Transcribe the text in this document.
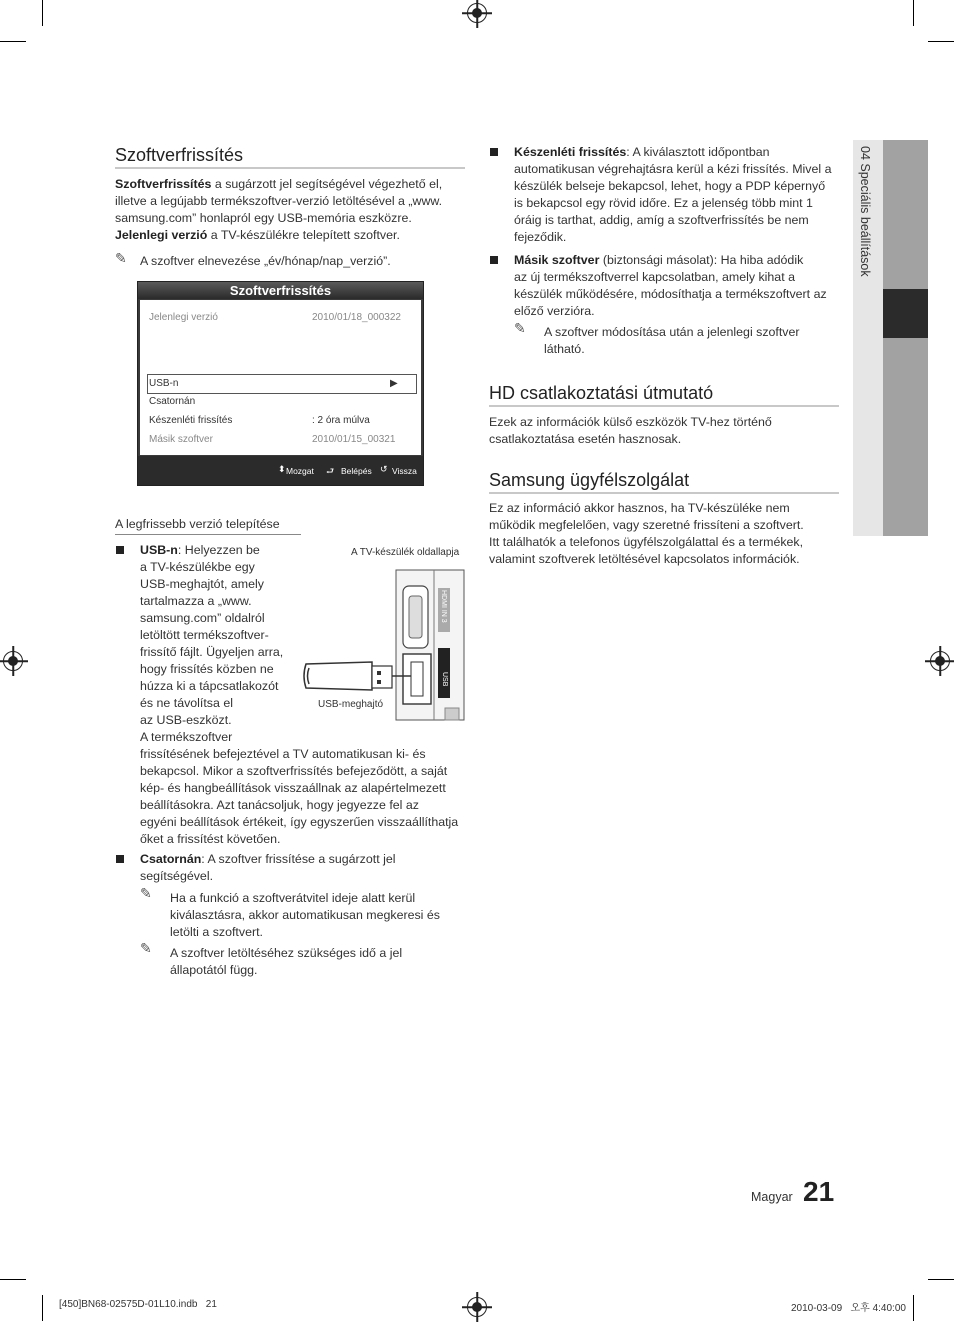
04 Speciális beállítások
Szoftverfrissítés

Szoftverfrissítés a sugárzott jel segítségével végezhető el,
illetve a legújabb termékszoftver-verzió letöltésével a „www.
samsung.com” honlapról egy USB-memória eszközre.
Jelenlegi verzió a TV-készülékre telepített szoftver.

✎ A szoftver elnevezése „év/hónap/nap_verzió”.

Szoftverfrissítés
Jelenlegi verzió	2010/01/18_000322
USB-n	▶
Csatornán
Készenléti frissítés	: 2 óra múlva
Másik szoftver	2010/01/15_00321
⬍ Mozgat ⮐ Belépés ↺ Vissza

A legfrissebb verzió telepítése

USB-n: Helyezzen be
a TV-készülékbe egy
USB-meghajtót, amely
tartalmazza a „www.
samsung.com” oldalról
letöltött termékszoftver-
frissítő fájlt. Ügyeljen arra,
hogy frissítés közben ne
húzza ki a tápcsatlakozót
és ne távolítsa el
az USB-eszközt.
A termékszoftver
frissítésének befejeztével a TV automatikusan ki- és
bekapcsol. Mikor a szoftverfrissítés befejeződött, a saját
kép- és hangbeállítások visszaállnak az alapértelmezett
beállításokra. Azt tanácsoljuk, hogy jegyezze fel az
egyéni beállítások értékeit, így egyszerűen visszaállíthatja
őket a frissítést követően.

A TV-készülék oldallapja
HDMI IN 3
USB
USB-meghajtó

Csatornán: A szoftver frissítése a sugárzott jel
segítségével.

✎ Ha a funkció a szoftverátvitel ideje alatt kerül
kiválasztásra, akkor automatikusan megkeresi és
letölti a szoftvert.

✎ A szoftver letöltéséhez szükséges idő a jel
állapotától függ.

Készenléti frissítés: A kiválasztott időpontban
automatikusan végrehajtásra kerül a kézi frissítés. Mivel a
készülék belseje bekapcsol, lehet, hogy a PDP képernyő
is bekapcsol egy rövid időre. Ez a jelenség több mint 1
óráig is tarthat, addig, amíg a szoftverfrissítés be nem
fejeződik.

Másik szoftver (biztonsági másolat): Ha hiba adódik
az új termékszoftverrel kapcsolatban, amely kihat a
készülék működésére, módosíthatja a termékszoftvert az
előző verzióra.

✎ A szoftver módosítása után a jelenlegi szoftver
látható.

HD csatlakoztatási útmutató

Ezek az információk külső eszközök TV-hez történő
csatlakoztatása esetén hasznosak.

Samsung ügyfélszolgálat

Ez az információ akkor hasznos, ha TV-készüléke nem
működik megfelelően, vagy szeretné frissíteni a szoftvert.
Itt találhatók a telefonos ügyfélszolgálattal és a termékek,
valamint szoftverek letöltésével kapcsolatos információk.

Magyar 21
[450]BN68-02575D-01L10.indb   21	2010-03-09   오후 4:40:00
